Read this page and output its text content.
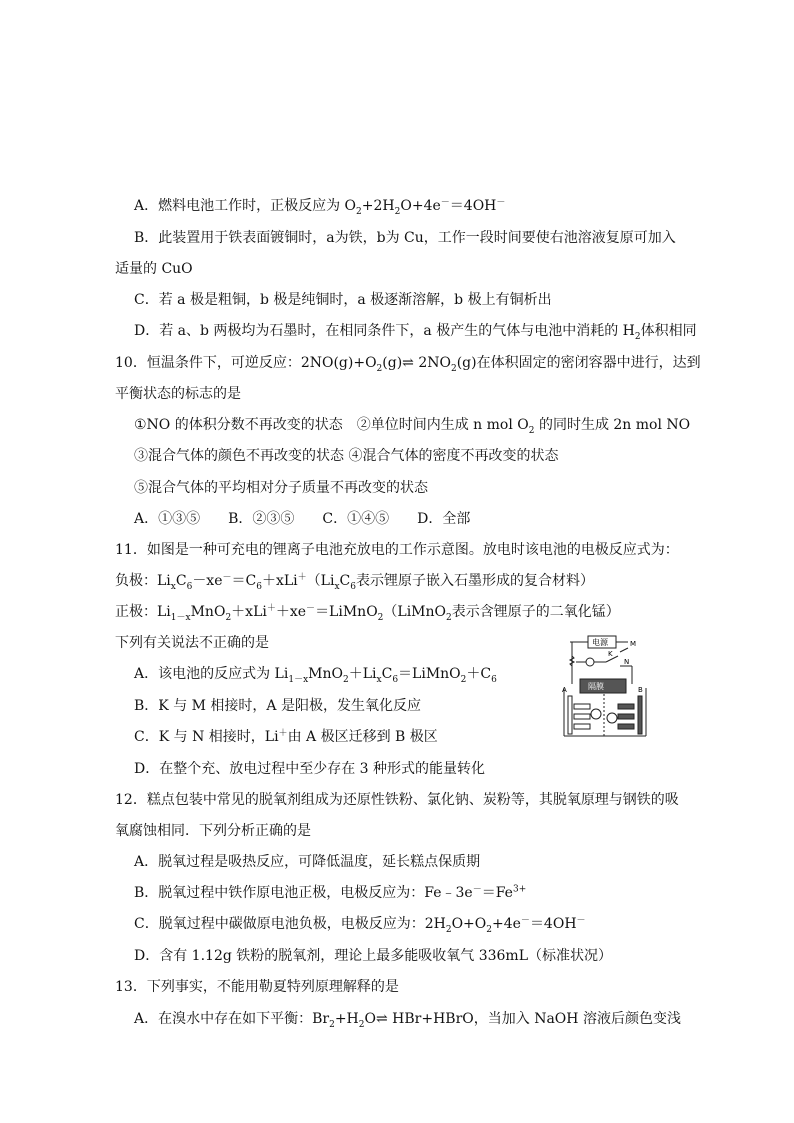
A．燃料电池工作时，正极反应为 $O_2+2H_2O+4e^-=4OH^-$
B．此装置用于铁表面镀铜时，a为铁，b为 Cu，工作一段时间要使右池溶液复原可加入
适量的 CuO
C．若 a 极是粗铜，b 极是纯铜时，a 极逐渐溶解，b 极上有铜析出
D．若 a、b 两极均为石墨时，在相同条件下，a 极产生的气体与电池中消耗的 $H_2$体积相同
10．恒温条件下，可逆反应：$2NO(g)+O_2(g)\rightleftharpoons$ $2NO_2(g)$在体积固定的密闭容器中进行，达到
平衡状态的标志的是
①NO 的体积分数不再改变的状态　②单位时间内生成 n mol $O_2$ 的同时生成 2n mol NO
③混合气体的颜色不再改变的状态 ④混合气体的密度不再改变的状态
⑤混合气体的平均相对分子质量不再改变的状态
A．①③⑤　　B．②③⑤　　C．①④⑤　　D．全部
11．如图是一种可充电的锂离子电池充放电的工作示意图。放电时该电池的电极反应式为：
负极：$Li_xC_6-xe^-=C_6+xLi^+(Li_xC_6$表示锂原子嵌入石墨形成的复合材料）
正极：$Li_{1-x}MnO_2+xLi^++xe^-=LiMnO_2(LiMnO_2$表示含锂原子的二氧化锰）
下列有关说法不正确的是
A．该电池的反应式为 $Li_{1-x}MnO_2+Li_xC_6=LiMnO_2+C_6$
B．K 与 M 相接时，A 是阳极，发生氧化反应
C．K 与 N 相接时，Li＋由 A 极区迁移到 B 极区
D．在整个充、放电过程中至少存在 3 种形式的能量转化
电源
隔膜
M
N
K
A	B
12．糕点包装中常见的脱氧剂组成为还原性铁粉、氯化钠、炭粉等，其脱氧原理与钢铁的吸
氧腐蚀相同．下列分析正确的是
A．脱氧过程是吸热反应，可降低温度，延长糕点保质期
B．脱氧过程中铁作原电池正极，电极反应为：$Fe﹣3e^-=Fe^{3+}$
C．脱氧过程中碳做原电池负极，电极反应为：$2H_2O+O_2+4e^-=4OH^-$
D．含有 1.12g 铁粉的脱氧剂，理论上最多能吸收氧气 336mL（标准状况）
13．下列事实，不能用勒夏特列原理解释的是
A．在溴水中存在如下平衡：$Br_2+H_2O\rightleftharpoons$ HBr+HBrO，当加入 NaOH 溶液后颜色变浅
